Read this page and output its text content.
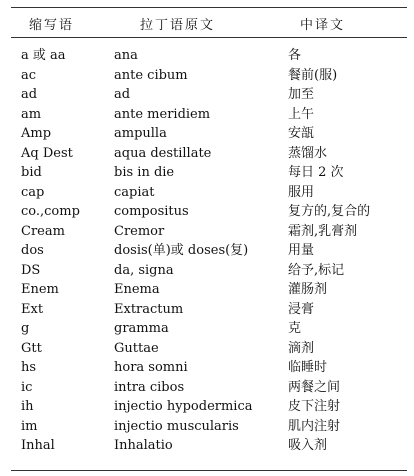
缩写语	拉丁语原文	中译文
a 或 aa	ana	各
ac	ante cibum	餐前(服)
ad	ad	加至
am	ante meridiem	上午
Amp	ampulla	安瓿
Aq Dest	aqua destillate	蒸馏水
bid	bis in die	每日 2 次
cap	capiat	服用
co.,comp	compositus	复方的,复合的
Cream	Cremor	霜剂,乳膏剂
dos	dosis(单)或 doses(复)	用量
DS	da, signa	给予,标记
Enem	Enema	灌肠剂
Ext	Extractum	浸膏
g	gramma	克
Gtt	Guttae	滴剂
hs	hora somni	临睡时
ic	intra cibos	两餐之间
ih	injectio hypodermica	皮下注射
im	injectio muscularis	肌内注射
Inhal	Inhalatio	吸入剂
